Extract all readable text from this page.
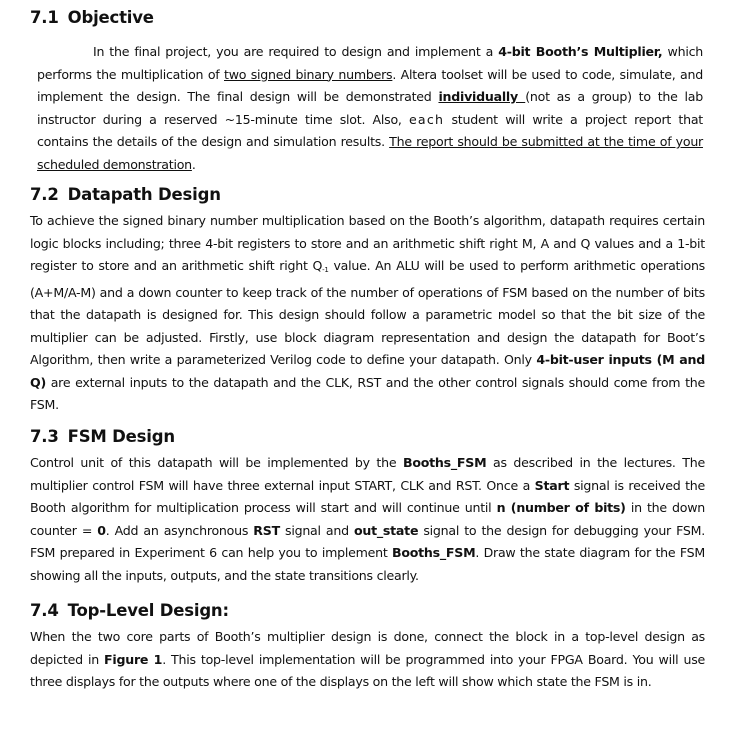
7.1 Objective

In the final project, you are required to design and implement a 4-bit Booth’s Multiplier, which performs the multiplication of two signed binary numbers. Altera toolset will be used to code, simulate, and implement the design. The final design will be demonstrated individually (not as a group) to the lab instructor during a reserved ~15-minute time slot. Also, each student will write a project report that contains the details of the design and simulation results. The report should be submitted at the time of your scheduled demonstration.

7.2 Datapath Design

To achieve the signed binary number multiplication based on the Booth’s algorithm, datapath requires certain logic blocks including; three 4-bit registers to store and an arithmetic shift right M, A and Q values and a 1-bit register to store and an arithmetic shift right $Q_{-1}$ value. An ALU will be used to perform arithmetic operations (A+M/A-M) and a down counter to keep track of the number of operations of FSM based on the number of bits that the datapath is designed for. This design should follow a parametric model so that the bit size of the multiplier can be adjusted. Firstly, use block diagram representation and design the datapath for Boot’s Algorithm, then write a parameterized Verilog code to define your datapath. Only 4-bit-user inputs (M and Q) are external inputs to the datapath and the CLK, RST and the other control signals should come from the FSM.

7.3 FSM Design

Control unit of this datapath will be implemented by the Booths_FSM as described in the lectures. The multiplier control FSM will have three external input START, CLK and RST. Once a Start signal is received the Booth algorithm for multiplication process will start and will continue until n (number of bits) in the down counter = 0. Add an asynchronous RST signal and out_state signal to the design for debugging your FSM. FSM prepared in Experiment 6 can help you to implement Booths_FSM. Draw the state diagram for the FSM showing all the inputs, outputs, and the state transitions clearly.

7.4 Top-Level Design:

When the two core parts of Booth’s multiplier design is done, connect the block in a top-level design as depicted in Figure 1. This top-level implementation will be programmed into your FPGA Board. You will use three displays for the outputs where one of the displays on the left will show which state the FSM is in.
